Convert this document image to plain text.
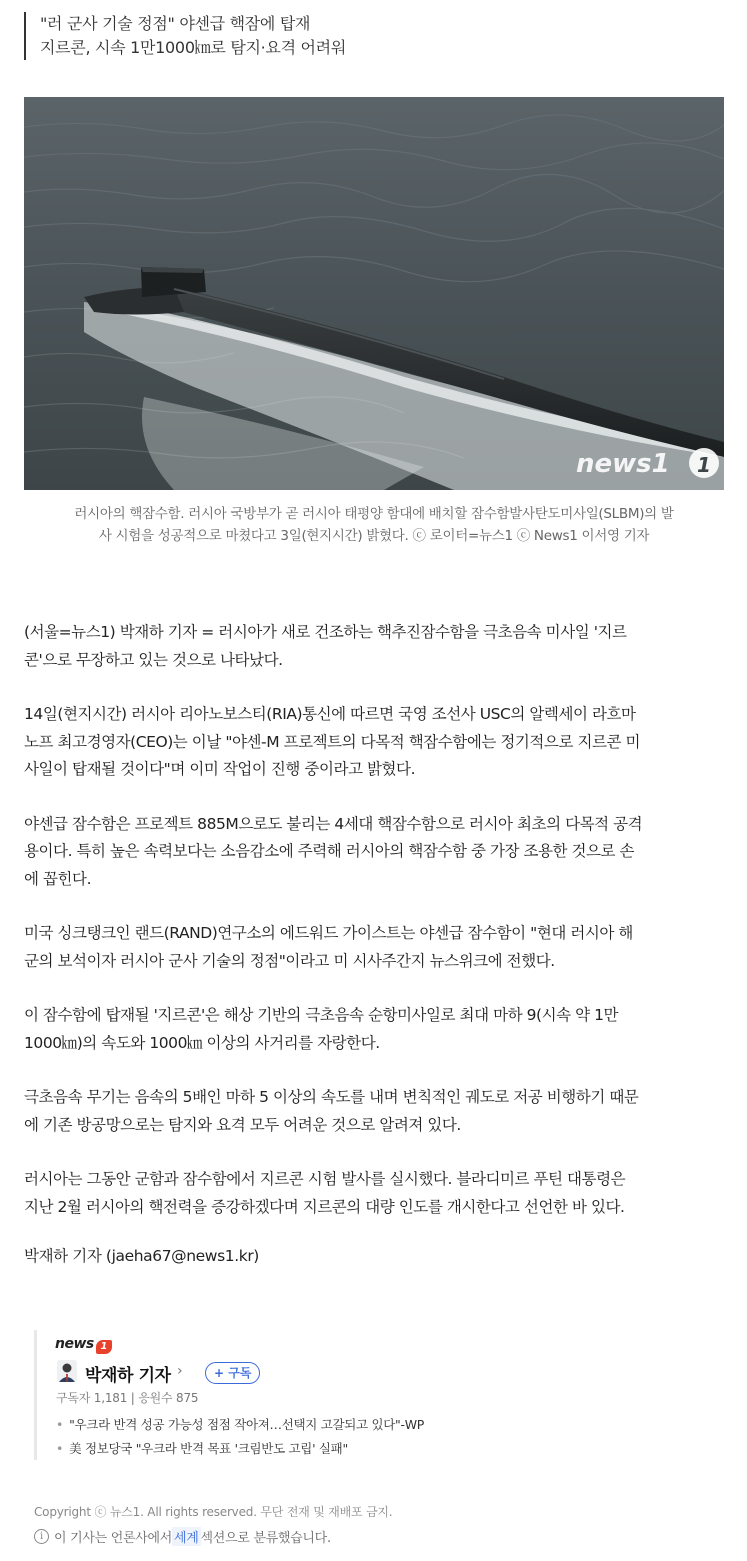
"러 군사 기술 정점" 야센급 핵잠에 탑재
지르콘, 시속 1만1000㎞로 탐지·요격 어려워
news1 1
러시아의 핵잠수함. 러시아 국방부가 곧 러시아 태평양 함대에 배치할 잠수함발사탄도미사일(SLBM)의 발
사 시험을 성공적으로 마쳤다고 3일(현지시간) 밝혔다. ⓒ 로이터=뉴스1 ⓒ News1 이서영 기자

(서울=뉴스1) 박재하 기자 = 러시아가 새로 건조하는 핵추진잠수함을 극초음속 미사일 '지르
콘'으로 무장하고 있는 것으로 나타났다.

14일(현지시간) 러시아 리아노보스티(RIA)통신에 따르면 국영 조선사 USC의 알렉세이 라흐마
노프 최고경영자(CEO)는 이날 "야센-M 프로젝트의 다목적 핵잠수함에는 정기적으로 지르콘 미
사일이 탑재될 것이다"며 이미 작업이 진행 중이라고 밝혔다.

야센급 잠수함은 프로젝트 885M으로도 불리는 4세대 핵잠수함으로 러시아 최초의 다목적 공격
용이다. 특히 높은 속력보다는 소음감소에 주력해 러시아의 핵잠수함 중 가장 조용한 것으로 손
에 꼽힌다.

미국 싱크탱크인 랜드(RAND)연구소의 에드워드 가이스트는 야센급 잠수함이 "현대 러시아 해
군의 보석이자 러시아 군사 기술의 정점"이라고 미 시사주간지 뉴스위크에 전했다.

이 잠수함에 탑재될 '지르콘'은 해상 기반의 극초음속 순항미사일로 최대 마하 9(시속 약 1만
1000㎞)의 속도와 1000㎞ 이상의 사거리를 자랑한다.

극초음속 무기는 음속의 5배인 마하 5 이상의 속도를 내며 변칙적인 궤도로 저공 비행하기 때문
에 기존 방공망으로는 탐지와 요격 모두 어려운 것으로 알려져 있다.

러시아는 그동안 군함과 잠수함에서 지르콘 시험 발사를 실시했다. 블라디미르 푸틴 대통령은
지난 2월 러시아의 핵전력을 증강하겠다며 지르콘의 대량 인도를 개시한다고 선언한 바 있다.

박재하 기자 (jaeha67@news1.kr)
news 1
박재하 기자 ›	+ 구독
구독자 1,181 | 응원수 875
• "우크라 반격 성공 가능성 점점 작아져…선택지 고갈되고 있다"-WP
• 美 정보당국 "우크라 반격 목표 '크림반도 고립' 실패"
Copyright ⓒ 뉴스1. All rights reserved. 무단 전재 및 재배포 금지.
i 이 기사는 언론사에서 세계 섹션으로 분류했습니다.
